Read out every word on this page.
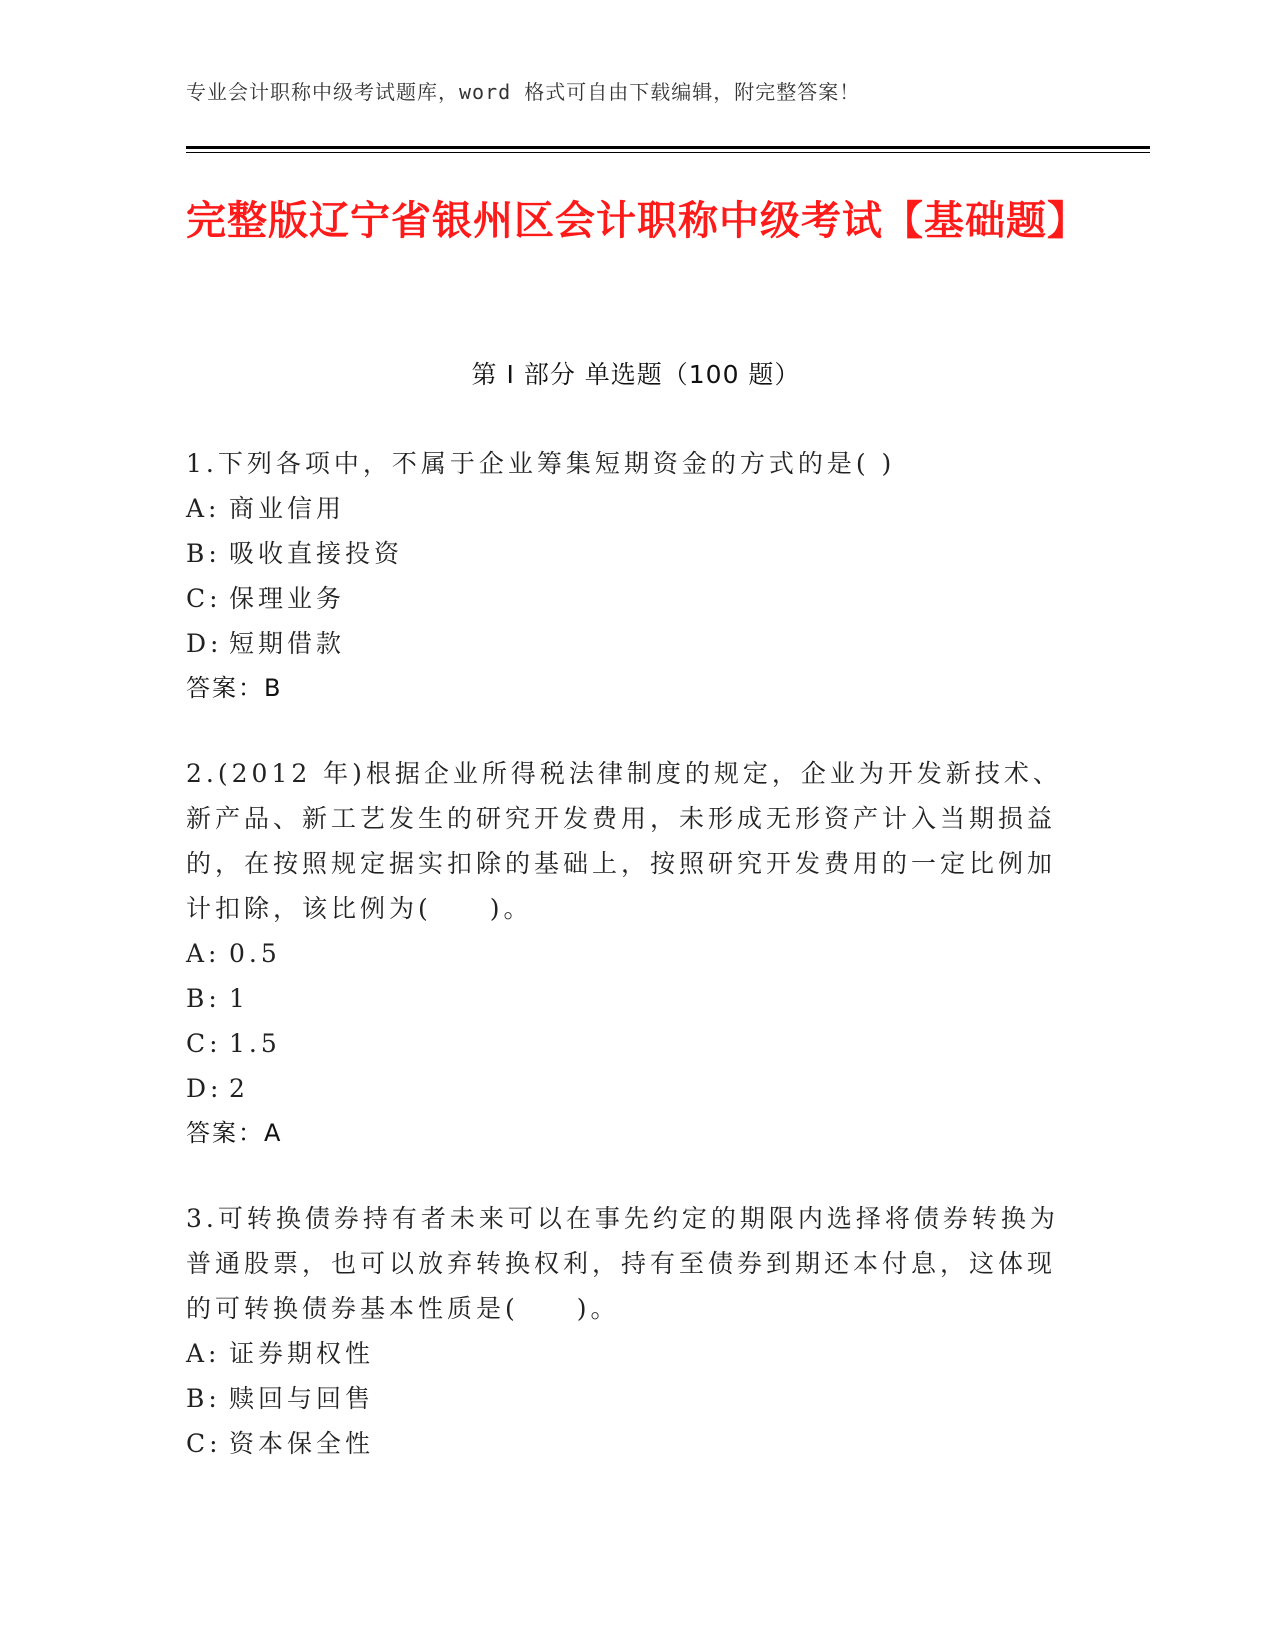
专业会计职称中级考试题库，word 格式可自由下载编辑，附完整答案！
完整版辽宁省银州区会计职称中级考试【基础题】
第 I 部分 单选题（100 题）
1.下列各项中，不属于企业筹集短期资金的方式的是( )
A: 商业信用
B: 吸收直接投资
C: 保理业务
D: 短期借款
答案：B
2.(2012 年)根据企业所得税法律制度的规定，企业为开发新技术、新产品、新工艺发生的研究开发费用，未形成无形资产计入当期损益的，在按照规定据实扣除的基础上，按照研究开发费用的一定比例加计扣除，该比例为(　　)。
A: 0.5
B: 1
C: 1.5
D: 2
答案：A
3.可转换债券持有者未来可以在事先约定的期限内选择将债券转换为普通股票，也可以放弃转换权利，持有至债券到期还本付息，这体现的可转换债券基本性质是(　　)。
A: 证券期权性
B: 赎回与回售
C: 资本保全性
